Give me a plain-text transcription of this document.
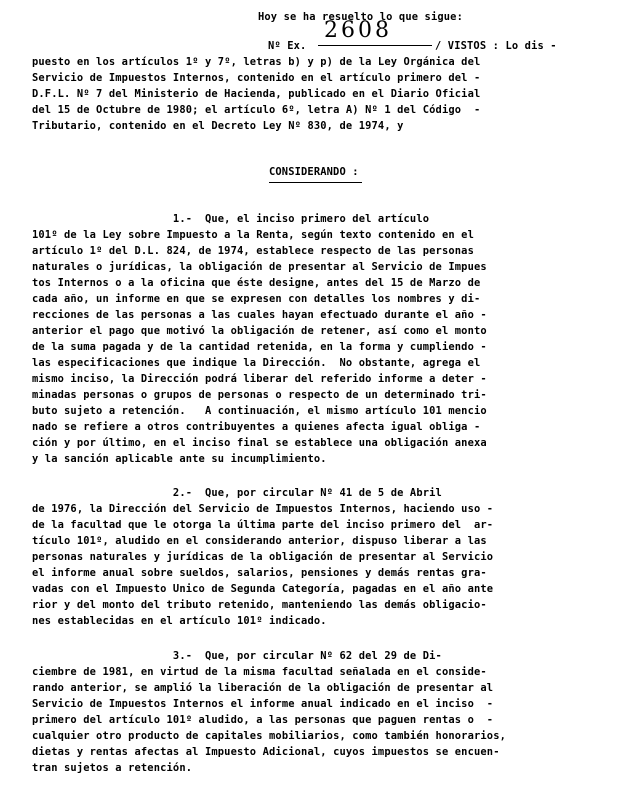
Hoy se ha resuelto lo que sigue:
Nº Ex.
2608
/ VISTOS : Lo dis -
puesto en los artículos 1º y 7º, letras b) y p) de la Ley Orgánica del
Servicio de Impuestos Internos, contenido en el artículo primero del -
D.F.L. Nº 7 del Ministerio de Hacienda, publicado en el Diario Oficial
del 15 de Octubre de 1980; el artículo 6º, letra A) Nº 1 del Código  -
Tributario, contenido en el Decreto Ley Nº 830, de 1974, y
CONSIDERANDO :
1.-  Que, el inciso primero del artículo
101º de la Ley sobre Impuesto a la Renta, según texto contenido en el
artículo 1º del D.L. 824, de 1974, establece respecto de las personas
naturales o jurídicas, la obligación de presentar al Servicio de Impues
tos Internos o a la oficina que éste designe, antes del 15 de Marzo de
cada año, un informe en que se expresen con detalles los nombres y di-
recciones de las personas a las cuales hayan efectuado durante el año -
anterior el pago que motivó la obligación de retener, así como el monto
de la suma pagada y de la cantidad retenida, en la forma y cumpliendo -
las especificaciones que indique la Dirección.  No obstante, agrega el
mismo inciso, la Dirección podrá liberar del referido informe a deter -
minadas personas o grupos de personas o respecto de un determinado tri-
buto sujeto a retención.   A continuación, el mismo artículo 101 mencio
nado se refiere a otros contribuyentes a quienes afecta igual obliga -
ción y por último, en el inciso final se establece una obligación anexa
y la sanción aplicable ante su incumplimiento.
2.-  Que, por circular Nº 41 de 5 de Abril
de 1976, la Dirección del Servicio de Impuestos Internos, haciendo uso -
de la facultad que le otorga la última parte del inciso primero del  ar-
tículo 101º, aludido en el considerando anterior, dispuso liberar a las
personas naturales y jurídicas de la obligación de presentar al Servicio
el informe anual sobre sueldos, salarios, pensiones y demás rentas gra-
vadas con el Impuesto Unico de Segunda Categoría, pagadas en el año ante
rior y del monto del tributo retenido, manteniendo las demás obligacio-
nes establecidas en el artículo 101º indicado.
3.-  Que, por circular Nº 62 del 29 de Di-
ciembre de 1981, en virtud de la misma facultad señalada en el conside-
rando anterior, se amplió la liberación de la obligación de presentar al
Servicio de Impuestos Internos el informe anual indicado en el inciso  -
primero del artículo 101º aludido, a las personas que paguen rentas o  -
cualquier otro producto de capitales mobiliarios, como también honorarios,
dietas y rentas afectas al Impuesto Adicional, cuyos impuestos se encuen-
tran sujetos a retención.
